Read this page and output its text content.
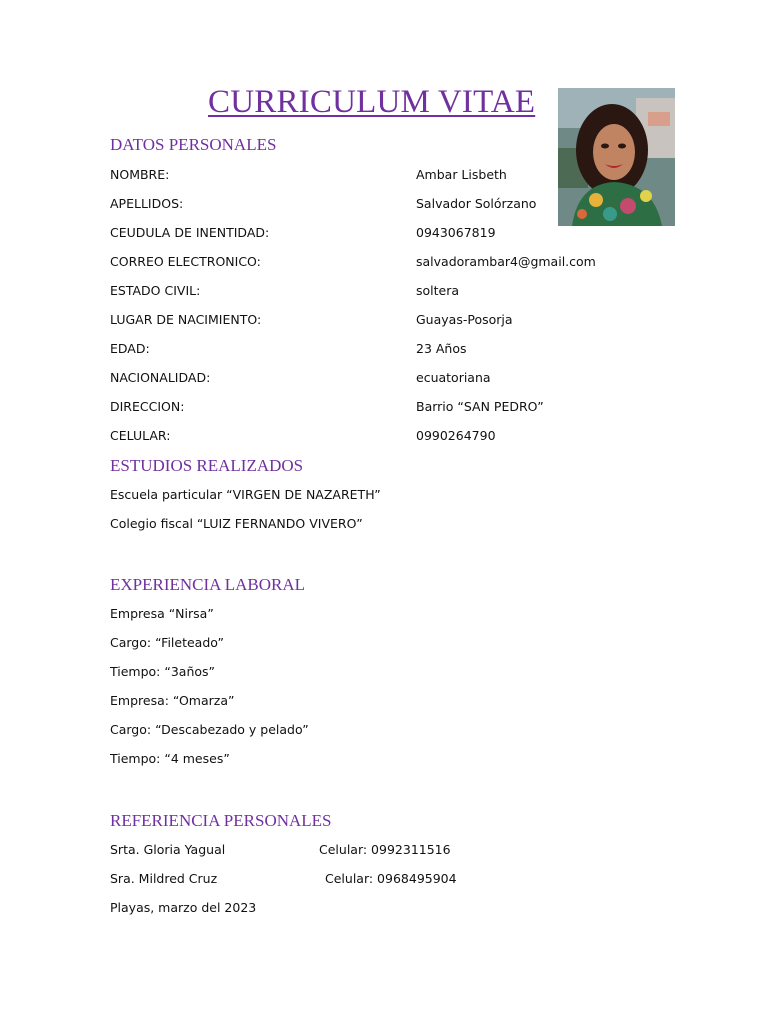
CURRICULUM VITAE
DATOS PERSONALES
NOMBRE:	Ambar Lisbeth
APELLIDOS:	Salvador Solórzano
CEUDULA DE INENTIDAD:	0943067819
CORREO ELECTRONICO:	salvadorambar4@gmail.com
ESTADO CIVIL:	soltera
LUGAR DE NACIMIENTO:	Guayas-Posorja
EDAD:	23 Años
NACIONALIDAD:	ecuatoriana
DIRECCION:	Barrio “SAN PEDRO”
CELULAR:	0990264790
ESTUDIOS REALIZADOS
Escuela particular “VIRGEN DE NAZARETH”
Colegio fiscal “LUIZ FERNANDO VIVERO”
EXPERIENCIA LABORAL
Empresa “Nirsa”
Cargo: “Fileteado”
Tiempo: “3años”
Empresa: “Omarza”
Cargo: “Descabezado y pelado”
Tiempo: “4 meses”
REFERIENCIA PERSONALES
Srta. Gloria Yagual	Celular: 0992311516
Sra. Mildred Cruz	Celular: 0968495904
Playas, marzo del 2023
